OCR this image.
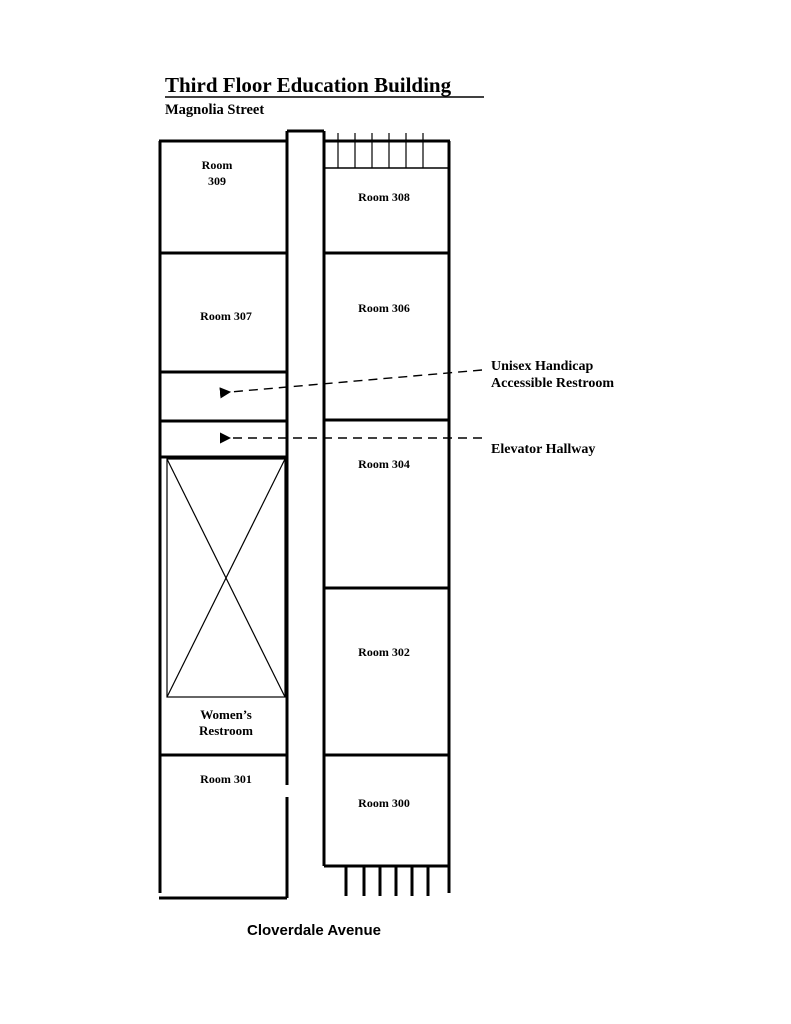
Third Floor Education Building
Magnolia Street
Room
309
Room 307
Women’s
Restroom
Room 301
Room 308
Room 306
Room 304
Room 302
Room 300
Unisex Handicap
Accessible Restroom
Elevator Hallway
Cloverdale Avenue
